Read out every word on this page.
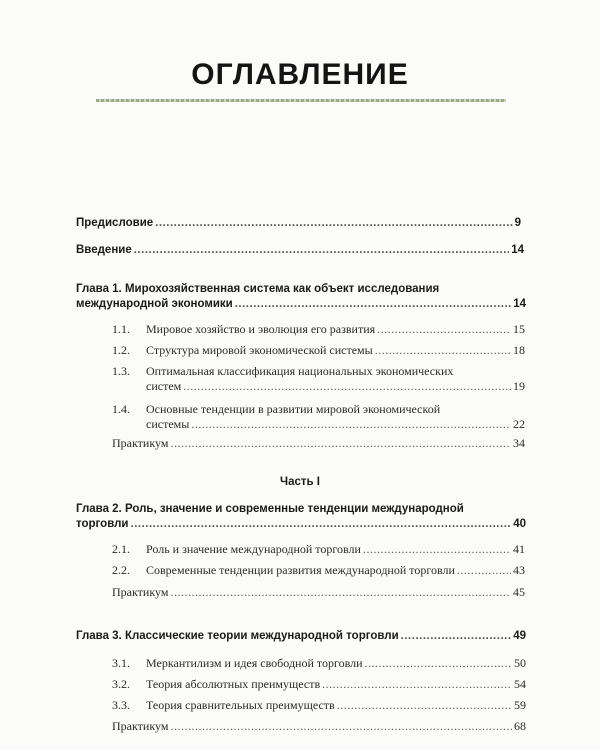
ОГЛАВЛЕНИЕ
Предисловие .....	9
Введение .....	14
Глава 1. Мирохозяйственная система как объект исследования
международной экономики .....	14
1.1.	Мировое хозяйство и эволюция его развития .....	15
1.2.	Структура мировой экономической системы .....	18
1.3. Оптимальная классификация национальных экономических
систем .....	19
1.4. Основные тенденции в развитии мировой экономической
системы .....	22
Практикум .....	34
Часть I
Глава 2. Роль, значение и современные тенденции международной
торговли .....	40
2.1.	Роль и значение международной торговли .....	41
2.2.	Современные тенденции развития международной торговли .....	43
Практикум .....	45
Глава 3. Классические теории международной торговли .....	49
3.1.	Меркантилизм и идея свободной торговли .....	50
3.2.	Теория абсолютных преимуществ .....	54
3.3.	Теория сравнительных преимуществ .....	59
Практикум .....	68
